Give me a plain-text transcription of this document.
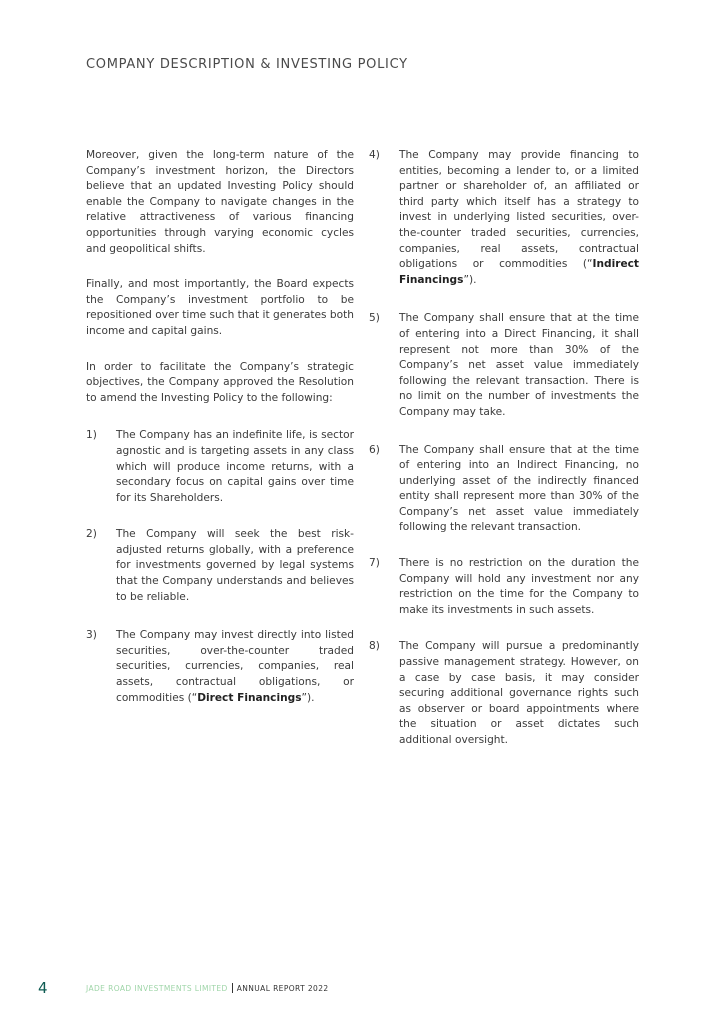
COMPANY DESCRIPTION & INVESTING POLICY

Moreover, given the long-term nature of the Company’s investment horizon, the Directors believe that an updated Investing Policy should enable the Company to navigate changes in the relative attractiveness of various financing opportunities through varying economic cycles and geopolitical shifts.

Finally, and most importantly, the Board expects the Company’s investment portfolio to be repositioned over time such that it generates both income and capital gains.

In order to facilitate the Company’s strategic objectives, the Company approved the Resolution to amend the Investing Policy to the following:

1) The Company has an indefinite life, is sector agnostic and is targeting assets in any class which will produce income returns, with a secondary focus on capital gains over time for its Shareholders.
2) The Company will seek the best risk-adjusted returns globally, with a preference for investments governed by legal systems that the Company understands and believes to be reliable.
3) The Company may invest directly into listed securities, over-the-counter traded securities, currencies, companies, real assets, contractual obligations, or commodities (“Direct Financings”).
4) The Company may provide financing to entities, becoming a lender to, or a limited partner or shareholder of, an affiliated or third party which itself has a strategy to invest in underlying listed securities, over-the-counter traded securities, currencies, companies, real assets, contractual obligations or commodities (“Indirect Financings”).
5) The Company shall ensure that at the time of entering into a Direct Financing, it shall represent not more than 30% of the Company’s net asset value immediately following the relevant transaction. There is no limit on the number of investments the Company may take.
6) The Company shall ensure that at the time of entering into an Indirect Financing, no underlying asset of the indirectly financed entity shall represent more than 30% of the Company’s net asset value immediately following the relevant transaction.
7) There is no restriction on the duration the Company will hold any investment nor any restriction on the time for the Company to make its investments in such assets.
8) The Company will pursue a predominantly passive management strategy. However, on a case by case basis, it may consider securing additional governance rights such as observer or board appointments where the situation or asset dictates such additional oversight.
4	JADE ROAD INVESTMENTS LIMITED ANNUAL REPORT 2022
